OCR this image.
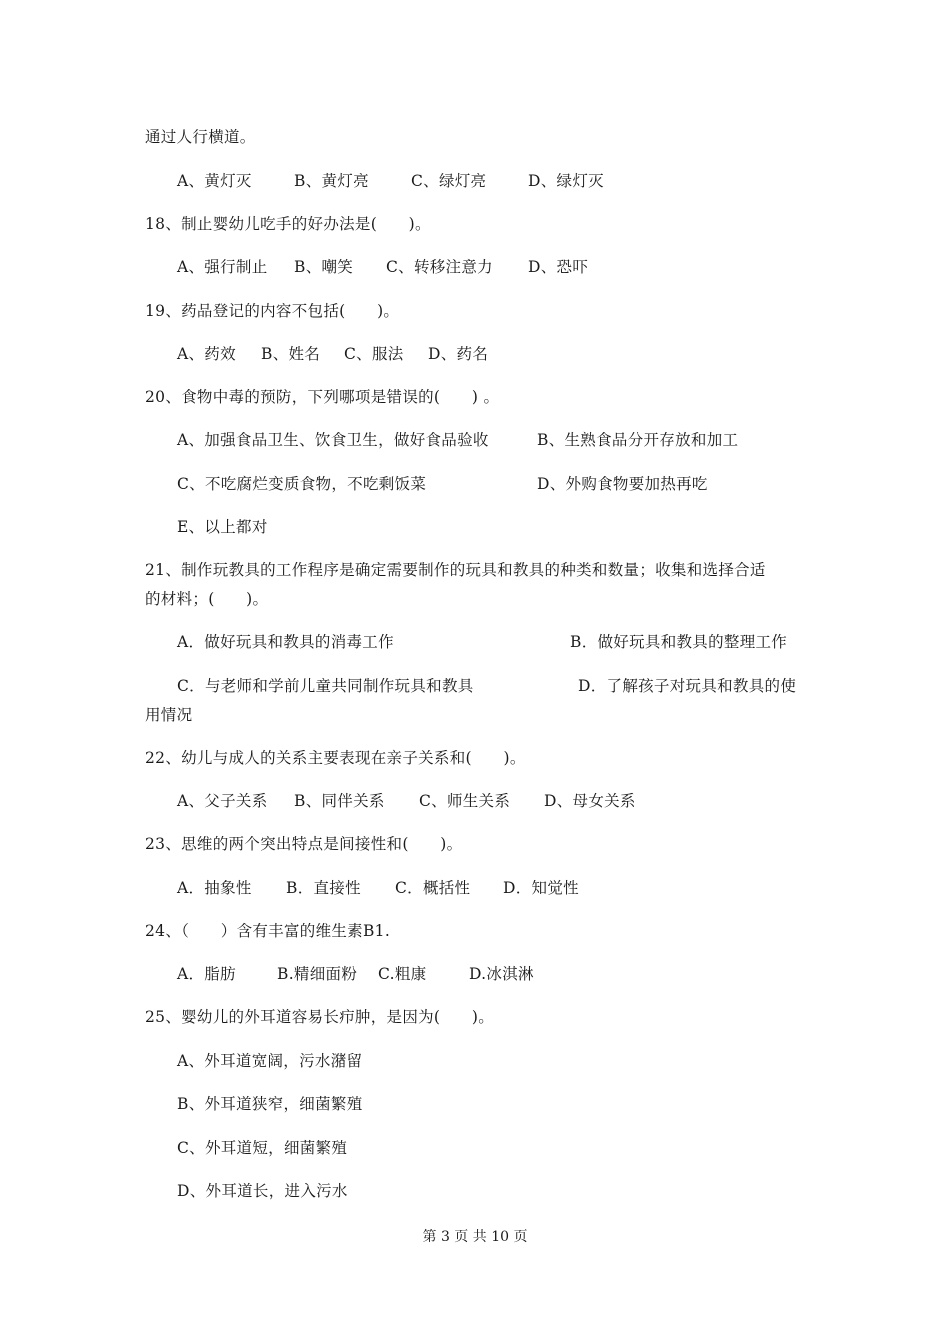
通过人行横道。
A、黄灯灭	B、黄灯亮	C、绿灯亮	D、绿灯灭
18、制止婴幼儿吃手的好办法是(　　)。
A、强行制止 B、嘲笑 C、转移注意力 D、恐吓
19、药品登记的内容不包括(　　)。
A、药效 B、姓名 C、服法 D、药名
20、食物中毒的预防，下列哪项是错误的(　　) 。
A、加强食品卫生、饮食卫生，做好食品验收	B、生熟食品分开存放和加工
C、不吃腐烂变质食物，不吃剩饭菜	D、外购食物要加热再吃
E、以上都对
21、制作玩教具的工作程序是确定需要制作的玩具和教具的种类和数量；收集和选择合适
的材料；(　　)。
A．做好玩具和教具的消毒工作	B．做好玩具和教具的整理工作
C．与老师和学前儿童共同制作玩具和教具	D．了解孩子对玩具和教具的使
用情况
22、幼儿与成人的关系主要表现在亲子关系和(　　)。
A、父子关系 B、同伴关系 C、师生关系 D、母女关系
23、思维的两个突出特点是间接性和(　　)。
A．抽象性 B．直接性 C．概括性 D．知觉性
24、（　　）含有丰富的维生素B1.
A．脂肪	B.精细面粉 C.粗康	D.冰淇淋
25、婴幼儿的外耳道容易长疖肿，是因为(　　)。
A、外耳道宽阔，污水潴留
B、外耳道狭窄，细菌繁殖
C、外耳道短，细菌繁殖
D、外耳道长，进入污水
第 3 页 共 10 页
